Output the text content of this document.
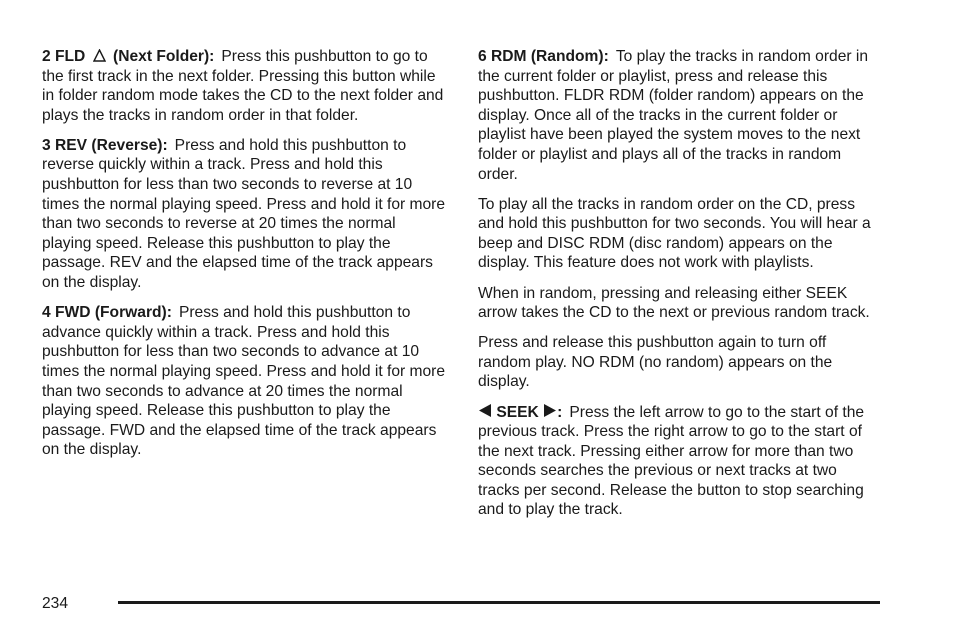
2 FLD (Next Folder): Press this pushbutton to go to the first track in the next folder. Pressing this button while in folder random mode takes the CD to the next folder and plays the tracks in random order in that folder.

3 REV (Reverse): Press and hold this pushbutton to reverse quickly within a track. Press and hold this pushbutton for less than two seconds to reverse at 10 times the normal playing speed. Press and hold it for more than two seconds to reverse at 20 times the normal playing speed. Release this pushbutton to play the passage. REV and the elapsed time of the track appears on the display.

4 FWD (Forward): Press and hold this pushbutton to advance quickly within a track. Press and hold this pushbutton for less than two seconds to advance at 10 times the normal playing speed. Press and hold it for more than two seconds to advance at 20 times the normal playing speed. Release this pushbutton to play the passage. FWD and the elapsed time of the track appears on the display.

6 RDM (Random): To play the tracks in random order in the current folder or playlist, press and release this pushbutton. FLDR RDM (folder random) appears on the display. Once all of the tracks in the current folder or playlist have been played the system moves to the next folder or playlist and plays all of the tracks in random order.

To play all the tracks in random order on the CD, press and hold this pushbutton for two seconds. You will hear a beep and DISC RDM (disc random) appears on the display. This feature does not work with playlists.

When in random, pressing and releasing either SEEK arrow takes the CD to the next or previous random track.

Press and release this pushbutton again to turn off random play. NO RDM (no random) appears on the display.

SEEK : Press the left arrow to go to the start of the previous track. Press the right arrow to go to the start of the next track. Pressing either arrow for more than two seconds searches the previous or next tracks at two tracks per second. Release the button to stop searching and to play the track.

234
